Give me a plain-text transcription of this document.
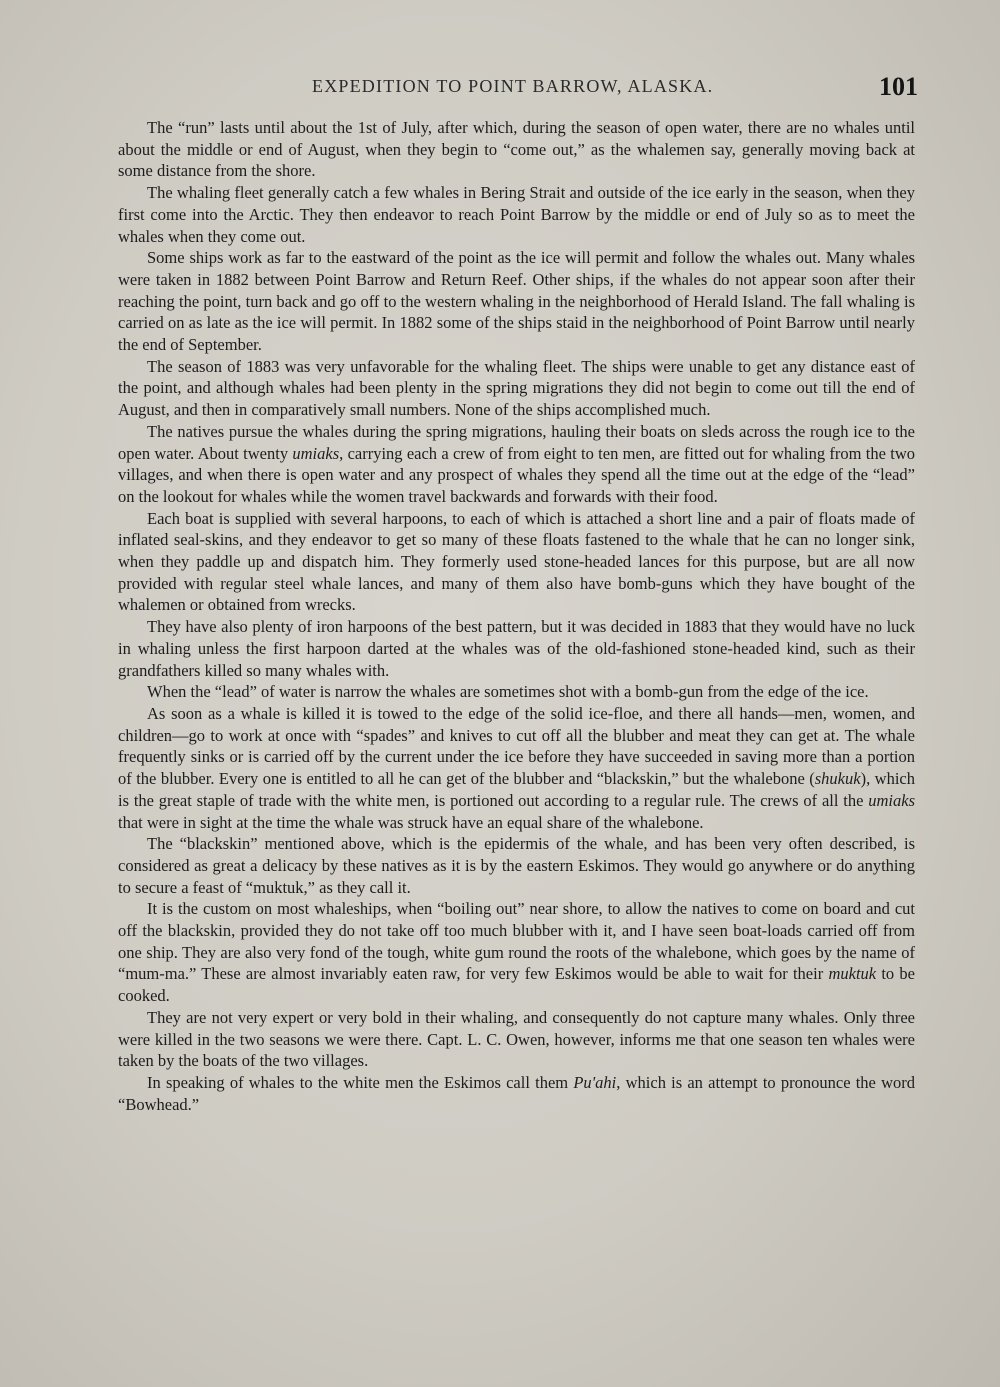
EXPEDITION TO POINT BARROW, ALASKA.	101

The “run” lasts until about the 1st of July, after which, during the season of open water, there are no whales until about the middle or end of August, when they begin to “come out,” as the whalemen say, generally moving back at some distance from the shore.

The whaling fleet generally catch a few whales in Bering Strait and outside of the ice early in the season, when they first come into the Arctic. They then endeavor to reach Point Barrow by the middle or end of July so as to meet the whales when they come out.

Some ships work as far to the eastward of the point as the ice will permit and follow the whales out. Many whales were taken in 1882 between Point Barrow and Return Reef. Other ships, if the whales do not appear soon after their reaching the point, turn back and go off to the western whaling in the neighborhood of Herald Island. The fall whaling is carried on as late as the ice will permit. In 1882 some of the ships staid in the neighborhood of Point Barrow until nearly the end of September.

The season of 1883 was very unfavorable for the whaling fleet. The ships were unable to get any distance east of the point, and although whales had been plenty in the spring migrations they did not begin to come out till the end of August, and then in comparatively small numbers. None of the ships accomplished much.

The natives pursue the whales during the spring migrations, hauling their boats on sleds across the rough ice to the open water. About twenty umiaks, carrying each a crew of from eight to ten men, are fitted out for whaling from the two villages, and when there is open water and any prospect of whales they spend all the time out at the edge of the “lead” on the lookout for whales while the women travel backwards and forwards with their food.

Each boat is supplied with several harpoons, to each of which is attached a short line and a pair of floats made of inflated seal-skins, and they endeavor to get so many of these floats fastened to the whale that he can no longer sink, when they paddle up and dispatch him. They formerly used stone-headed lances for this purpose, but are all now provided with regular steel whale lances, and many of them also have bomb-guns which they have bought of the whalemen or obtained from wrecks.

They have also plenty of iron harpoons of the best pattern, but it was decided in 1883 that they would have no luck in whaling unless the first harpoon darted at the whales was of the old-fashioned stone-headed kind, such as their grandfathers killed so many whales with.

When the “lead” of water is narrow the whales are sometimes shot with a bomb-gun from the edge of the ice.

As soon as a whale is killed it is towed to the edge of the solid ice-floe, and there all hands—men, women, and children—go to work at once with “spades” and knives to cut off all the blubber and meat they can get at. The whale frequently sinks or is carried off by the current under the ice before they have succeeded in saving more than a portion of the blubber. Every one is entitled to all he can get of the blubber and “blackskin,” but the whalebone (shukuk), which is the great staple of trade with the white men, is portioned out according to a regular rule. The crews of all the umiaks that were in sight at the time the whale was struck have an equal share of the whalebone.

The “blackskin” mentioned above, which is the epidermis of the whale, and has been very often described, is considered as great a delicacy by these natives as it is by the eastern Eskimos. They would go anywhere or do anything to secure a feast of “muktuk,” as they call it.

It is the custom on most whaleships, when “boiling out” near shore, to allow the natives to come on board and cut off the blackskin, provided they do not take off too much blubber with it, and I have seen boat-loads carried off from one ship. They are also very fond of the tough, white gum round the roots of the whalebone, which goes by the name of “mum-ma.” These are almost invariably eaten raw, for very few Eskimos would be able to wait for their muktuk to be cooked.

They are not very expert or very bold in their whaling, and consequently do not capture many whales. Only three were killed in the two seasons we were there. Capt. L. C. Owen, however, informs me that one season ten whales were taken by the boats of the two villages.

In speaking of whales to the white men the Eskimos call them Pu'ahi, which is an attempt to pronounce the word “Bowhead.”
